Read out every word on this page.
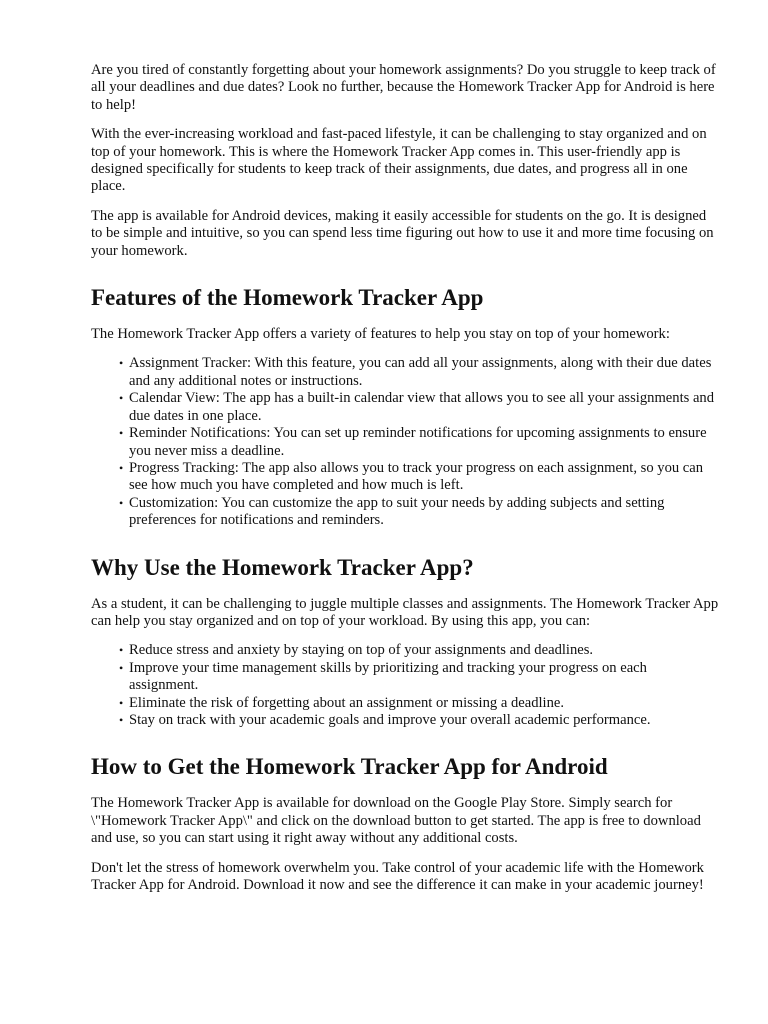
Are you tired of constantly forgetting about your homework assignments? Do you struggle to keep track of all your deadlines and due dates? Look no further, because the Homework Tracker App for Android is here to help!

With the ever-increasing workload and fast-paced lifestyle, it can be challenging to stay organized and on top of your homework. This is where the Homework Tracker App comes in. This user-friendly app is designed specifically for students to keep track of their assignments, due dates, and progress all in one place.

The app is available for Android devices, making it easily accessible for students on the go. It is designed to be simple and intuitive, so you can spend less time figuring out how to use it and more time focusing on your homework.

Features of the Homework Tracker App

The Homework Tracker App offers a variety of features to help you stay on top of your homework:

• Assignment Tracker: With this feature, you can add all your assignments, along with their due dates and any additional notes or instructions.
• Calendar View: The app has a built-in calendar view that allows you to see all your assignments and due dates in one place.
• Reminder Notifications: You can set up reminder notifications for upcoming assignments to ensure you never miss a deadline.
• Progress Tracking: The app also allows you to track your progress on each assignment, so you can see how much you have completed and how much is left.
• Customization: You can customize the app to suit your needs by adding subjects and setting preferences for notifications and reminders.
Why Use the Homework Tracker App?

As a student, it can be challenging to juggle multiple classes and assignments. The Homework Tracker App can help you stay organized and on top of your workload. By using this app, you can:

• Reduce stress and anxiety by staying on top of your assignments and deadlines.
• Improve your time management skills by prioritizing and tracking your progress on each assignment.
• Eliminate the risk of forgetting about an assignment or missing a deadline.
• Stay on track with your academic goals and improve your overall academic performance.
How to Get the Homework Tracker App for Android

The Homework Tracker App is available for download on the Google Play Store. Simply search for \"Homework Tracker App\" and click on the download button to get started. The app is free to download and use, so you can start using it right away without any additional costs.

Don't let the stress of homework overwhelm you. Take control of your academic life with the Homework Tracker App for Android. Download it now and see the difference it can make in your academic journey!
